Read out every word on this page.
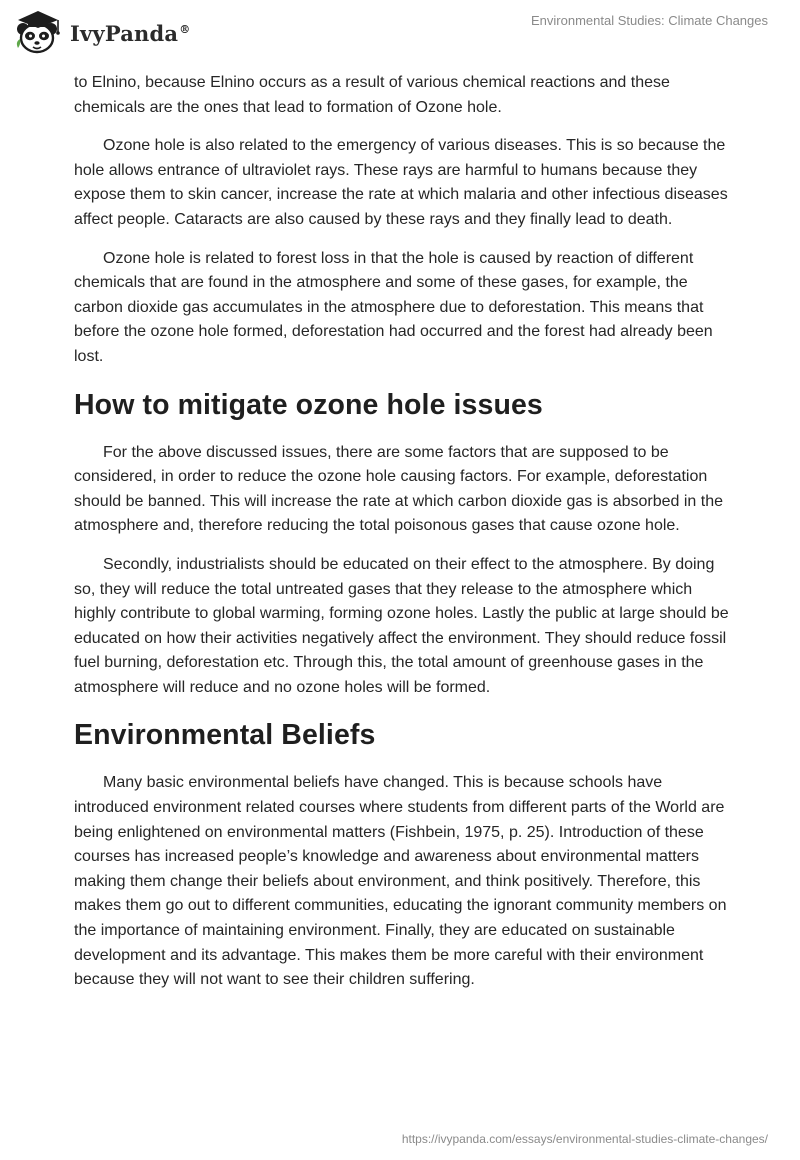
IvyPanda®
Environmental Studies: Climate Changes

to Elnino, because Elnino occurs as a result of various chemical reactions and these chemicals are the ones that lead to formation of Ozone hole.

Ozone hole is also related to the emergency of various diseases. This is so because the hole allows entrance of ultraviolet rays. These rays are harmful to humans because they expose them to skin cancer, increase the rate at which malaria and other infectious diseases affect people. Cataracts are also caused by these rays and they finally lead to death.

Ozone hole is related to forest loss in that the hole is caused by reaction of different chemicals that are found in the atmosphere and some of these gases, for example, the carbon dioxide gas accumulates in the atmosphere due to deforestation. This means that before the ozone hole formed, deforestation had occurred and the forest had already been lost.

How to mitigate ozone hole issues

For the above discussed issues, there are some factors that are supposed to be considered, in order to reduce the ozone hole causing factors. For example, deforestation should be banned. This will increase the rate at which carbon dioxide gas is absorbed in the atmosphere and, therefore reducing the total poisonous gases that cause ozone hole.

Secondly, industrialists should be educated on their effect to the atmosphere. By doing so, they will reduce the total untreated gases that they release to the atmosphere which highly contribute to global warming, forming ozone holes. Lastly the public at large should be educated on how their activities negatively affect the environment. They should reduce fossil fuel burning, deforestation etc. Through this, the total amount of greenhouse gases in the atmosphere will reduce and no ozone holes will be formed.

Environmental Beliefs

Many basic environmental beliefs have changed. This is because schools have introduced environment related courses where students from different parts of the World are being enlightened on environmental matters (Fishbein, 1975, p. 25). Introduction of these courses has increased people’s knowledge and awareness about environmental matters making them change their beliefs about environment, and think positively. Therefore, this makes them go out to different communities, educating the ignorant community members on the importance of maintaining environment. Finally, they are educated on sustainable development and its advantage. This makes them be more careful with their environment because they will not want to see their children suffering.

https://ivypanda.com/essays/environmental-studies-climate-changes/
